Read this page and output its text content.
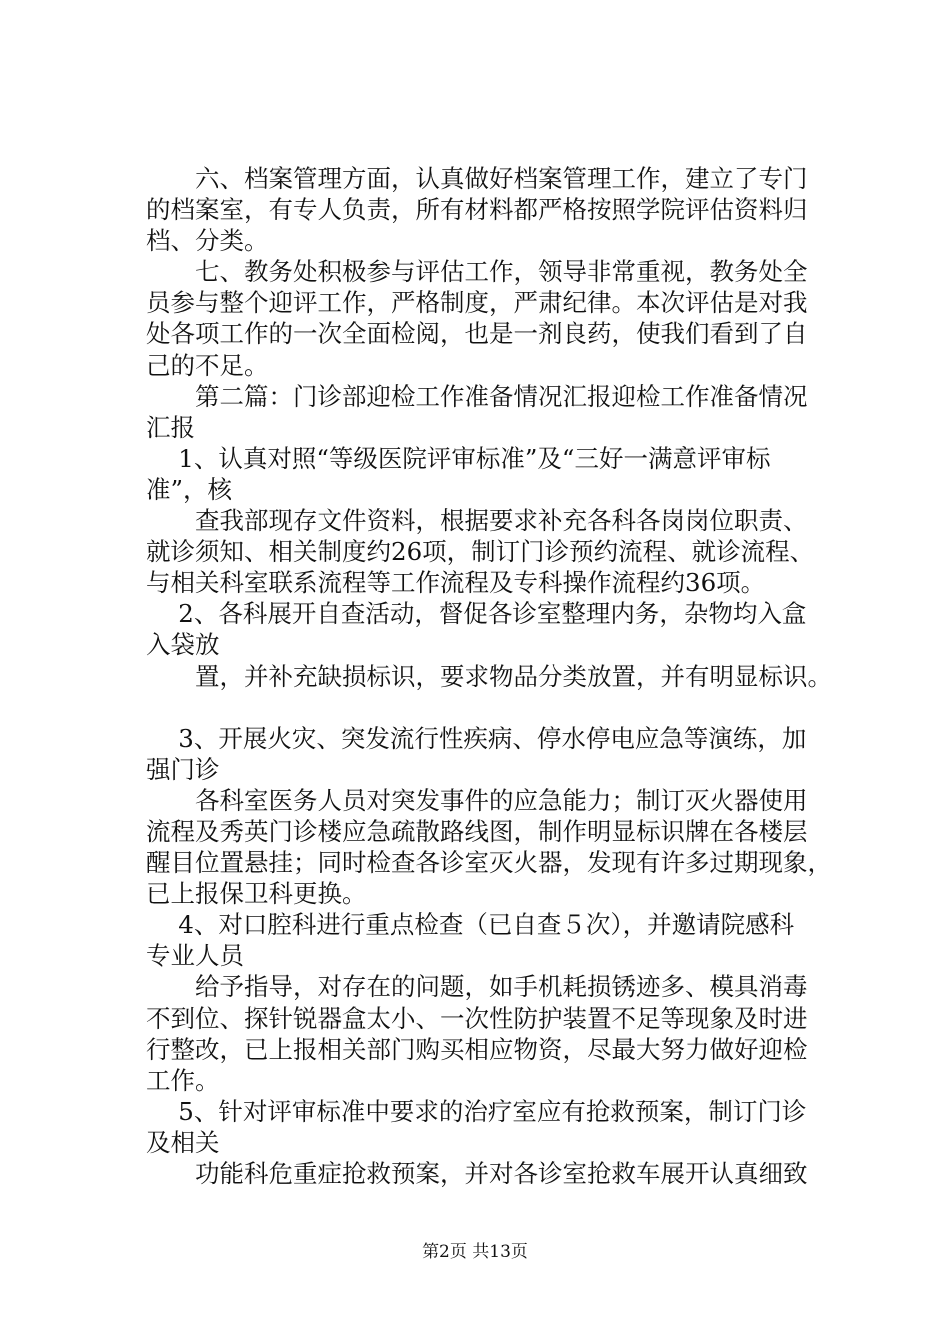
　　六、档案管理方面，认真做好档案管理工作，建立了专门
的档案室，有专人负责，所有材料都严格按照学院评估资料归
档、分类。
　　七、教务处积极参与评估工作，领导非常重视，教务处全
员参与整个迎评工作，严格制度，严肃纪律。本次评估是对我
处各项工作的一次全面检阅，也是一剂良药，使我们看到了自
己的不足。
　　第二篇：门诊部迎检工作准备情况汇报迎检工作准备情况
汇报
　 1、认真对照“等级医院评审标准”及“三好一满意评审标
准”，核
　　查我部现存文件资料，根据要求补充各科各岗岗位职责、
就诊须知、相关制度约26项，制订门诊预约流程、就诊流程、
与相关科室联系流程等工作流程及专科操作流程约36项。
　 2、各科展开自查活动，督促各诊室整理内务，杂物均入盒
入袋放
　　置，并补充缺损标识，要求物品分类放置，并有明显标识。
　 3、开展火灾、突发流行性疾病、停水停电应急等演练，加
强门诊
　　各科室医务人员对突发事件的应急能力；制订灭火器使用
流程及秀英门诊楼应急疏散路线图，制作明显标识牌在各楼层
醒目位置悬挂；同时检查各诊室灭火器，发现有许多过期现象，
已上报保卫科更换。
　 4、对口腔科进行重点检查（已自查５次），并邀请院感科
专业人员
　　给予指导，对存在的问题，如手机耗损锈迹多、模具消毒
不到位、探针锐器盒太小、一次性防护装置不足等现象及时进
行整改，已上报相关部门购买相应物资，尽最大努力做好迎检
工作。
　 5、针对评审标准中要求的治疗室应有抢救预案，制订门诊
及相关
　　功能科危重症抢救预案，并对各诊室抢救车展开认真细致
第2页 共13页
